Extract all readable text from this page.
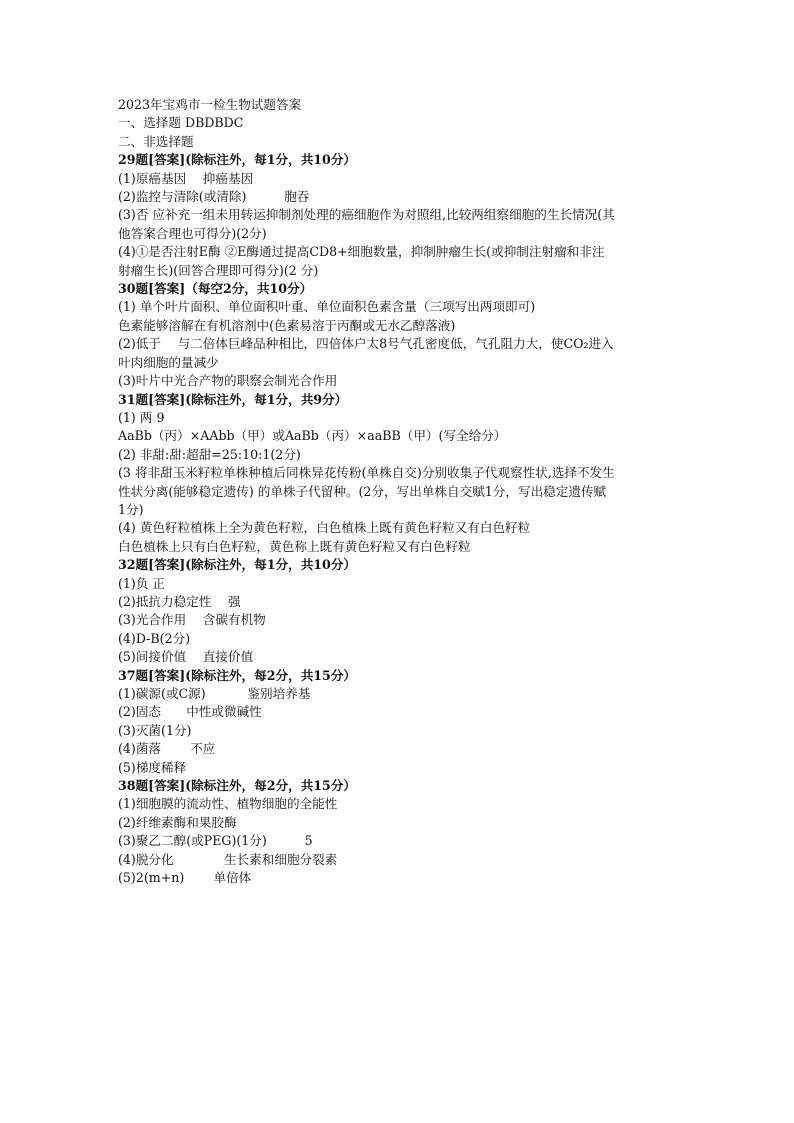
2023年宝鸡市一检生物试题答案

一、选择题 DBDBDC

二、非选择题

29题[答案](除标注外，每1分，共10分）

(1)原癌基因　 抑癌基因

(2)监控与清除(或清除)　　　胞吞

(3)否 应补充一组未用转运抑制剂处理的癌细胞作为对照组,比较两组察细胞的生长情况(其

他答案合理也可得分)(2分)

(4)①是否注射E酶 ②E酶通过提高CD8+细胞数量，抑制肿瘤生长(或抑制注射瘤和非注

射瘤生长)(回答合理即可得分)(2 分)

30题[答案]（每空2分，共10分）

(1) 单个叶片面积、单位面积叶重、单位面积色素含量（三项写出两项即可)

色素能够溶解在有机溶剂中(色素易溶于丙酮或无水乙醇落液)

(2)低于　 与二倍体巨峰品种相比，四倍体户太8号气孔密度低，气孔阻力大，使CO₂进入

叶肉细胞的量减少

(3)叶片中光合产物的职察会制光合作用

31题[答案](除标注外，每1分，共9分）

(1) 两 9

AaBb（丙）×AAbb（甲）或AaBb（丙）×aaBB（甲）(写全给分）

(2) 非甜:甜:超甜=25:10:1(2分)

(3 将非甜玉米籽粒单株种植后同株异花传粉(单株自交)分别收集子代观察性状,选择不发生

性状分离(能够稳定遗传) 的单株子代留种。(2分，写出单株自交赋1分，写出稳定遗传赋

1分)

(4) 黄色籽粒植株上全为黄色籽粒，白色植株上既有黄色籽粒又有白色籽粒

白色植株上只有白色籽粒，黄色称上既有黄色籽粒又有白色籽粒

32题[答案](除标注外，每1分，共10分）

(1)负 正

(2)抵抗力稳定性　 强

(3)光合作用　 含碳有机物

(4)D-B(2分)

(5)间接价值　 直接价值

37题[答案](除标注外，每2分，共15分）

(1)碳源(或C源)　　　 鉴别培养基

(2)固态　　中性或微碱性

(3)灭菌(1分)

(4)菌落　　 不应

(5)梯度稀释

38题[答案](除标注外，每2分，共15分）

(1)细胞膜的流动性、植物细胞的全能性

(2)纤维素酶和果胶酶

(3)聚乙二醇(或PEG)(1分)　　　5

(4)脱分化　　　　生长素和细胞分裂素

(5)2(m+n)　　 单倍体
